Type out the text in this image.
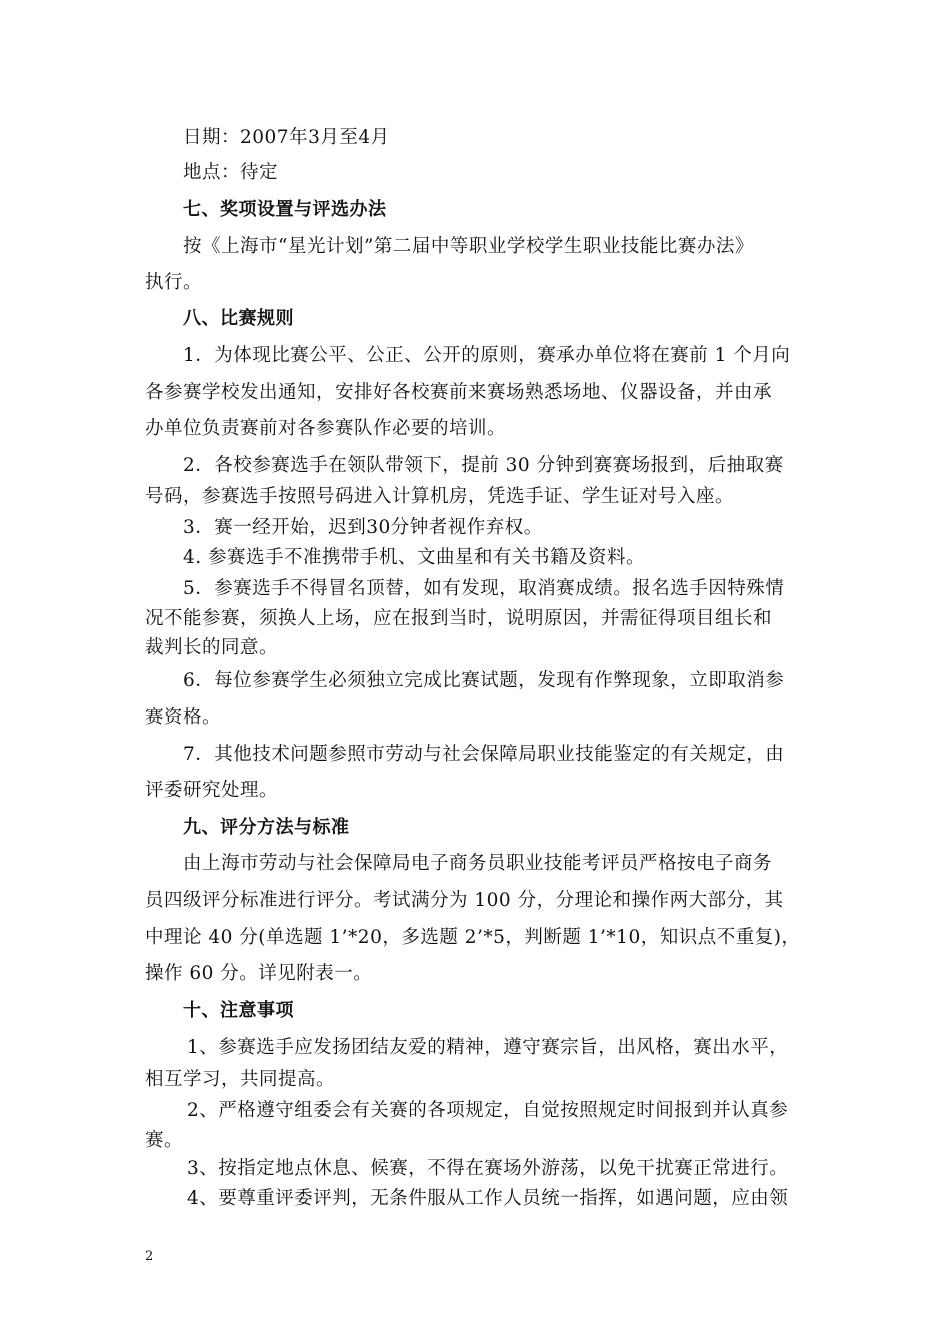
日期：2007年3月至4月
地点：待定
七、奖项设置与评选办法
按《上海市“星光计划”第二届中等职业学校学生职业技能比赛办法》
执行。
八、比赛规则
1．为体现比赛公平、公正、公开的原则，赛承办单位将在赛前 1 个月向
各参赛学校发出通知，安排好各校赛前来赛场熟悉场地、仪器设备，并由承
办单位负责赛前对各参赛队作必要的培训。
2．各校参赛选手在领队带领下，提前 30 分钟到赛赛场报到，后抽取赛
号码，参赛选手按照号码进入计算机房，凭选手证、学生证对号入座。
3．赛一经开始，迟到30分钟者视作弃权。
4. 参赛选手不准携带手机、文曲星和有关书籍及资料。
5．参赛选手不得冒名顶替，如有发现，取消赛成绩。报名选手因特殊情
况不能参赛，须换人上场，应在报到当时，说明原因，并需征得项目组长和
裁判长的同意。
6．每位参赛学生必须独立完成比赛试题，发现有作弊现象，立即取消参
赛资格。
7．其他技术问题参照市劳动与社会保障局职业技能鉴定的有关规定，由
评委研究处理。
九、评分方法与标准
由上海市劳动与社会保障局电子商务员职业技能考评员严格按电子商务
员四级评分标准进行评分。考试满分为 100 分，分理论和操作两大部分，其
中理论 40 分(单选题 1’*20，多选题 2’*5，判断题 1’*10，知识点不重复)，
操作 60 分。详见附表一。
十、注意事项
1、参赛选手应发扬团结友爱的精神，遵守赛宗旨，出风格，赛出水平，
相互学习，共同提高。
2、严格遵守组委会有关赛的各项规定，自觉按照规定时间报到并认真参
赛。
3、按指定地点休息、候赛，不得在赛场外游荡，以免干扰赛正常进行。
4、要尊重评委评判，无条件服从工作人员统一指挥，如遇问题，应由领
2
